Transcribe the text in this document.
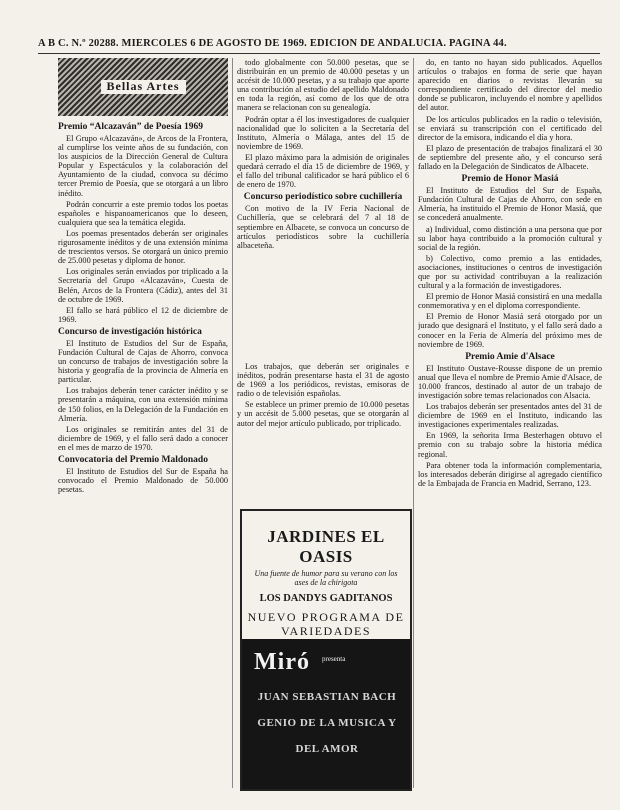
A B C. N.º 20288. MIERCOLES 6 DE AGOSTO DE 1969. EDICION DE ANDALUCIA. PAGINA 44.
Bellas Artes
Premio “Alcazaván” de Poesía 1969

El Grupo «Alcazaván», de Arcos de la Frontera, al cumplirse los veinte años de su fundación, con los auspicios de la Dirección General de Cultura Popular y Espectáculos y la colaboración del Ayuntamiento de la ciudad, convoca su décimo tercer Premio de Poesía, que se otorgará a un libro inédito.

Podrán concurrir a este premio todos los poetas españoles e hispanoamericanos que lo deseen, cualquiera que sea la temática elegida.

Los poemas presentados deberán ser originales rigurosamente inéditos y de una extensión mínima de trescientos versos. Se otorgará un único premio de 25.000 pesetas y diploma de honor.

Los originales serán enviados por triplicado a la Secretaría del Grupo «Alcazaván», Cuesta de Belén, Arcos de la Frontera (Cádiz), antes del 31 de octubre de 1969.

El fallo se hará público el 12 de diciembre de 1969.

Concurso de investigación histórica

El Instituto de Estudios del Sur de España, Fundación Cultural de Cajas de Ahorro, convoca un concurso de trabajos de investigación sobre la historia y geografía de la provincia de Almería en particular.

Los trabajos deberán tener carácter inédito y se presentarán a máquina, con una extensión mínima de 150 folios, en la Delegación de la Fundación en Almería.

Los originales se remitirán antes del 31 de diciembre de 1969, y el fallo será dado a conocer en el mes de marzo de 1970.

Convocatoria del Premio Maldonado

El Instituto de Estudios del Sur de España ha convocado el Premio Maldonado de 50.000 pesetas.

todo globalmente con 50.000 pesetas, que se distribuirán en un premio de 40.000 pesetas y un accésit de 10.000 pesetas, y a su trabajo que aporte una contribución al estudio del apellido Maldonado en toda la región, así como de los que de otra manera se relacionan con su genealogía.

Podrán optar a él los investigadores de cualquier nacionalidad que lo soliciten a la Secretaría del Instituto, Almería o Málaga, antes del 15 de noviembre de 1969.

El plazo máximo para la admisión de originales quedará cerrado el día 15 de diciembre de 1969, y el fallo del tribunal calificador se hará público el 6 de enero de 1970.

Concurso periodístico sobre cuchillería

Con motivo de la IV Feria Nacional de Cuchillería, que se celebrará del 7 al 18 de septiembre en Albacete, se convoca un concurso de artículos periodísticos sobre la cuchillería albaceteña.

Los trabajos, que deberán ser originales e inéditos, podrán presentarse hasta el 31 de agosto de 1969 a los periódicos, revistas, emisoras de radio o de televisión españolas.

Se establece un primer premio de 10.000 pesetas y un accésit de 5.000 pesetas, que se otorgarán al autor del mejor artículo publicado, por triplicado.

JARDINES EL OASIS
Una fuente de humor para su verano con los ases de la chirigota
LOS DANDYS GADITANOS
NUEVO PROGRAMA DE VARIEDADES
Miró presenta
JUAN SEBASTIAN BACH
GENIO DE LA MUSICA Y
DEL AMOR

do, en tanto no hayan sido publicados. Aquellos artículos o trabajos en forma de serie que hayan aparecido en diarios o revistas llevarán su correspondiente certificado del director del medio donde se publicaron, incluyendo el nombre y apellidos del autor.

De los artículos publicados en la radio o televisión, se enviará su transcripción con el certificado del director de la emisora, indicando el día y hora.

El plazo de presentación de trabajos finalizará el 30 de septiembre del presente año, y el concurso será fallado en la Delegación de Sindicatos de Albacete.

Premio de Honor Masiá

El Instituto de Estudios del Sur de España, Fundación Cultural de Cajas de Ahorro, con sede en Almería, ha instituido el Premio de Honor Masiá, que se concederá anualmente.

a) Individual, como distinción a una persona que por su labor haya contribuido a la promoción cultural y social de la región.

b) Colectivo, como premio a las entidades, asociaciones, instituciones o centros de investigación que por su actividad contribuyan a la realización cultural y a la formación de investigadores.

El premio de Honor Masiá consistirá en una medalla conmemorativa y en el diploma correspondiente.

El Premio de Honor Masiá será otorgado por un jurado que designará el Instituto, y el fallo será dado a conocer en la Feria de Almería del próximo mes de noviembre de 1969.

Premio Amie d'Alsace

El Instituto Oustave-Rousse dispone de un premio anual que lleva el nombre de Premio Amie d'Alsace, de 10.000 francos, destinado al autor de un trabajo de investigación sobre temas relacionados con Alsacia.

Los trabajos deberán ser presentados antes del 31 de diciembre de 1969 en el Instituto, indicando las investigaciones experimentales realizadas.

En 1969, la señorita Irma Besterhagen obtuvo el premio con su trabajo sobre la historia médica regional.

Para obtener toda la información complementaria, los interesados deberán dirigirse al agregado científico de la Embajada de Francia en Madrid, Serrano, 123.
